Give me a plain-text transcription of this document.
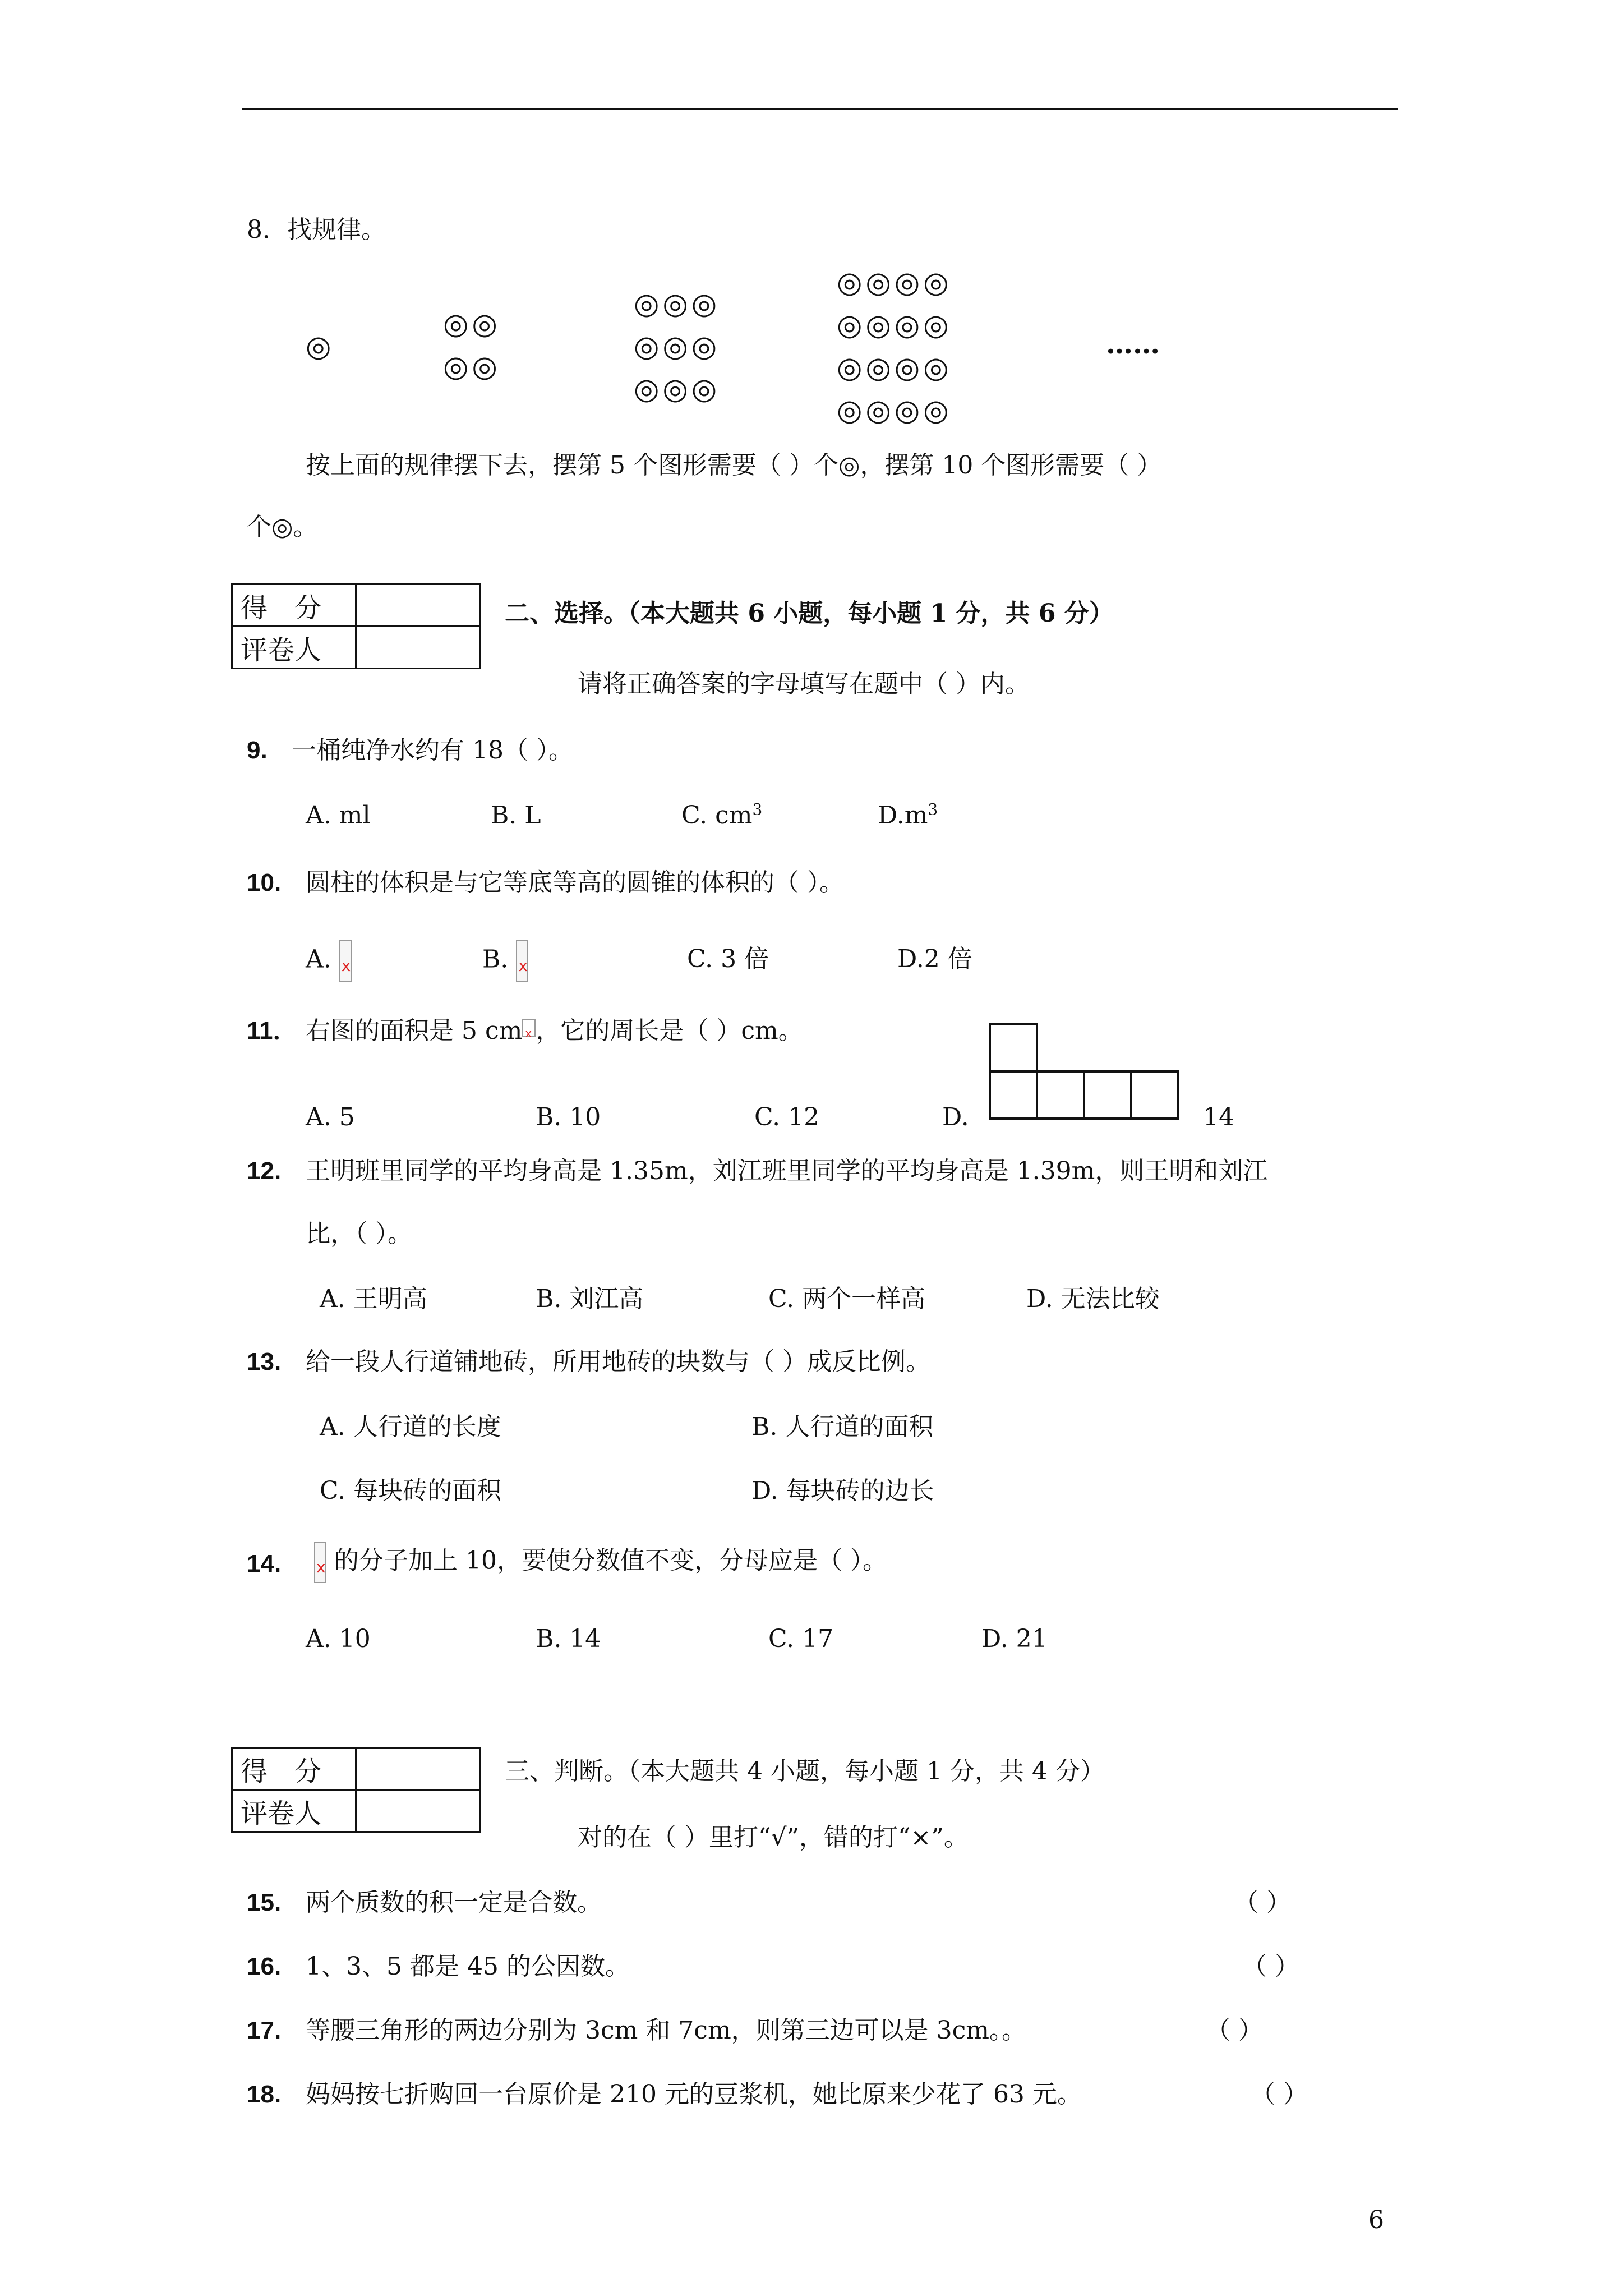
8．找规律。
◎
◎◎
◎◎
◎◎◎
◎◎◎
◎◎◎
◎◎◎◎
◎◎◎◎
◎◎◎◎
◎◎◎◎
……
按上面的规律摆下去，摆第 5 个图形需要（ ）个◎，摆第 10 个图形需要（ ）
个◎。
得　分	
评卷人	
二、选择。（本大题共 6 小题，每小题 1 分，共 6 分）
请将正确答案的字母填写在题中（ ）内。
9. 一桶纯净水约有 18（ ）。
A. ml	B. L	C. $cm^3$	$D.m^3$
10. 圆柱的体积是与它等底等高的圆锥的体积的（ ）。
A. x	B. x	C. 3 倍	D.2 倍
11． 右图的面积是 5 cm x ，它的周长是（ ）cm。
A. 5	B. 10	C. 12	D.	14
12. 王明班里同学的平均身高是 1.35m，刘江班里同学的平均身高是 1.39m，则王明和刘江
比，（ ）。
A. 王明高	B. 刘江高	C. 两个一样高	D. 无法比较
13. 给一段人行道铺地砖，所用地砖的块数与（ ）成反比例。
A. 人行道的长度	B. 人行道的面积
C. 每块砖的面积	D. 每块砖的边长
14. x	的分子加上 10，要使分数值不变，分母应是（ ）。
A. 10	B. 14	C. 17	D. 21
得　分	
评卷人	
三、判断。（本大题共 4 小题，每小题 1 分，共 4 分）
对的在（ ）里打“√”，错的打“×”。
15. 两个质数的积一定是合数。	（ ）
16. 1、3、5 都是 45 的公因数。	（ ）
17. 等腰三角形的两边分别为 3cm 和 7cm，则第三边可以是 3cm。。	（ ）
18. 妈妈按七折购回一台原价是 210 元的豆浆机，她比原来少花了 63 元。	（ ）
6
